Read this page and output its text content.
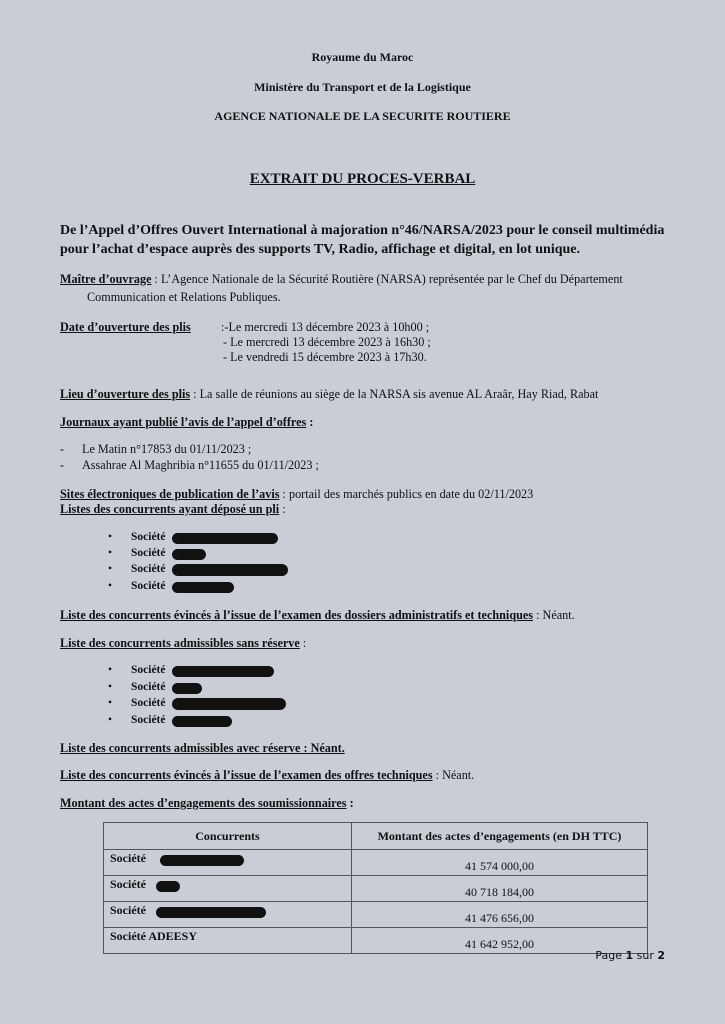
Royaume du Maroc
Ministère du Transport et de la Logistique
AGENCE NATIONALE DE LA SECURITE ROUTIERE
EXTRAIT DU PROCES-VERBAL
De l’Appel d’Offres Ouvert International à majoration n°46/NARSA/2023 pour le conseil multimédia
pour l’achat d’espace auprès des supports TV, Radio, affichage et digital, en lot unique.
Maître d’ouvrage : L’Agence Nationale de la Sécurité Routière (NARSA) représentée par le Chef du Département
Communication et Relations Publiques.
Date d’ouverture des plis :-Le mercredi 13 décembre 2023 à 10h00 ;
- Le mercredi 13 décembre 2023 à 16h30 ;
- Le vendredi 15 décembre 2023 à 17h30.
Lieu d’ouverture des plis : La salle de réunions au siège de la NARSA sis avenue AL Araâr, Hay Riad, Rabat
Journaux ayant publié l’avis de l’appel d’offres :
- Le Matin n°17853 du 01/11/2023 ;
- Assahrae Al Maghribia n°11655 du 01/11/2023 ;
Sites électroniques de publication de l’avis : portail des marchés publics en date du 02/11/2023
Listes des concurrents ayant déposé un pli :
• Société
• Société
• Société
• Société
Liste des concurrents évincés à l’issue de l’examen des dossiers administratifs et techniques : Néant.
Liste des concurrents admissibles sans réserve :
• Société
• Société
• Société
• Société
Liste des concurrents admissibles avec réserve : Néant.
Liste des concurrents évincés à l’issue de l’examen des offres techniques : Néant.
Montant des actes d’engagements des soumissionnaires :
Concurrents	Montant des actes d’engagements (en DH TTC)
Société	41 574 000,00
Société	40 718 184,00
Société	41 476 656,00
Société ADEESY	41 642 952,00
Page 1 sur 2
